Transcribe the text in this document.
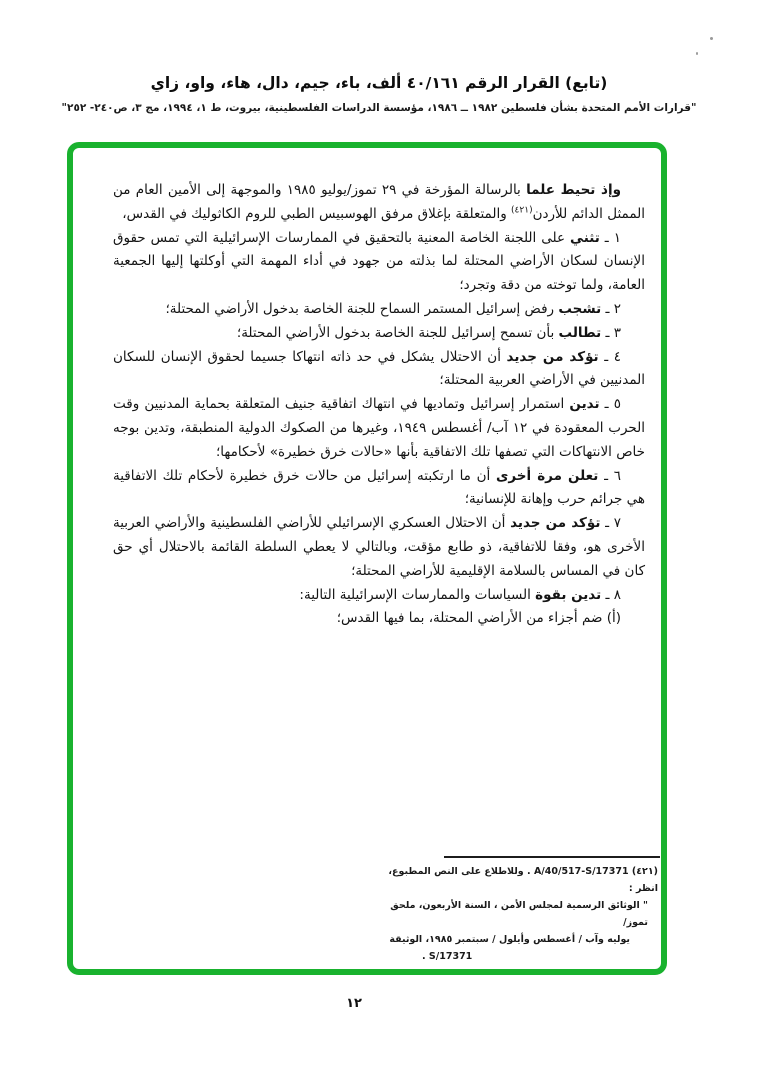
(تابع) القرار الرقم ٤٠/١٦١ ألف، باء، جيم، دال، هاء، واو، زاي
"قرارات الأمم المتحدة بشأن فلسطين ١٩٨٢ ــ ١٩٨٦، مؤسسة الدراسات الفلسطينية، بيروت، ط ١، ١٩٩٤، مج ٣، ص٢٤٠- ٢٥٢"

وإذ تحيط علما بالرسالة المؤرخة في ٢٩ تموز/يوليو ١٩٨٥ والموجهة إلى الأمين العام من الممثل الدائم للأردن$^{(٤٢١)}$ والمتعلقة بإغلاق مرفق الهوسبيس الطبي للروم الكاثوليك في القدس،

١ ـ تثني على اللجنة الخاصة المعنية بالتحقيق في الممارسات الإسرائيلية التي تمس حقوق الإنسان لسكان الأراضي المحتلة لما بذلته من جهود في أداء المهمة التي أوكلتها إليها الجمعية العامة، ولما توخته من دقة وتجرد؛

٢ ـ تشجب رفض إسرائيل المستمر السماح للجنة الخاصة بدخول الأراضي المحتلة؛

٣ ـ تطالب بأن تسمح إسرائيل للجنة الخاصة بدخول الأراضي المحتلة؛

٤ ـ تؤكد من جديد أن الاحتلال يشكل في حد ذاته انتهاكا جسيما لحقوق الإنسان للسكان المدنيين في الأراضي العربية المحتلة؛

٥ ـ تدين استمرار إسرائيل وتماديها في انتهاك اتفاقية جنيف المتعلقة بحماية المدنيين وقت الحرب المعقودة في ١٢ آب/ أغسطس ١٩٤٩، وغيرها من الصكوك الدولية المنطبقة، وتدين بوجه خاص الانتهاكات التي تصفها تلك الاتفاقية بأنها «حالات خرق خطيرة» لأحكامها؛

٦ ـ تعلن مرة أخرى أن ما ارتكبته إسرائيل من حالات خرق خطيرة لأحكام تلك الاتفاقية هي جرائم حرب وإهانة للإنسانية؛

٧ ـ تؤكد من جديد أن الاحتلال العسكري الإسرائيلي للأراضي الفلسطينية والأراضي العربية الأخرى هو، وفقا للاتفاقية، ذو طابع مؤقت، وبالتالي لا يعطي السلطة القائمة بالاحتلال أي حق كان في المساس بالسلامة الإقليمية للأراضي المحتلة؛

٨ ـ تدين بقوة السياسات والممارسات الإسرائيلية التالية:

(أ) ضم أجزاء من الأراضي المحتلة، بما فيها القدس؛

(٤٢١) A/40/517-S/17371 . وللاطلاع على النص المطبوع، انظر :
" الوثائق الرسمية لمجلس الأمن ، السنة الأربعون، ملحق تموز/
يوليه وآب / أغسطس وأيلول / سبتمبر ١٩٨٥، الوثيقة
S/17371 .
١٢
